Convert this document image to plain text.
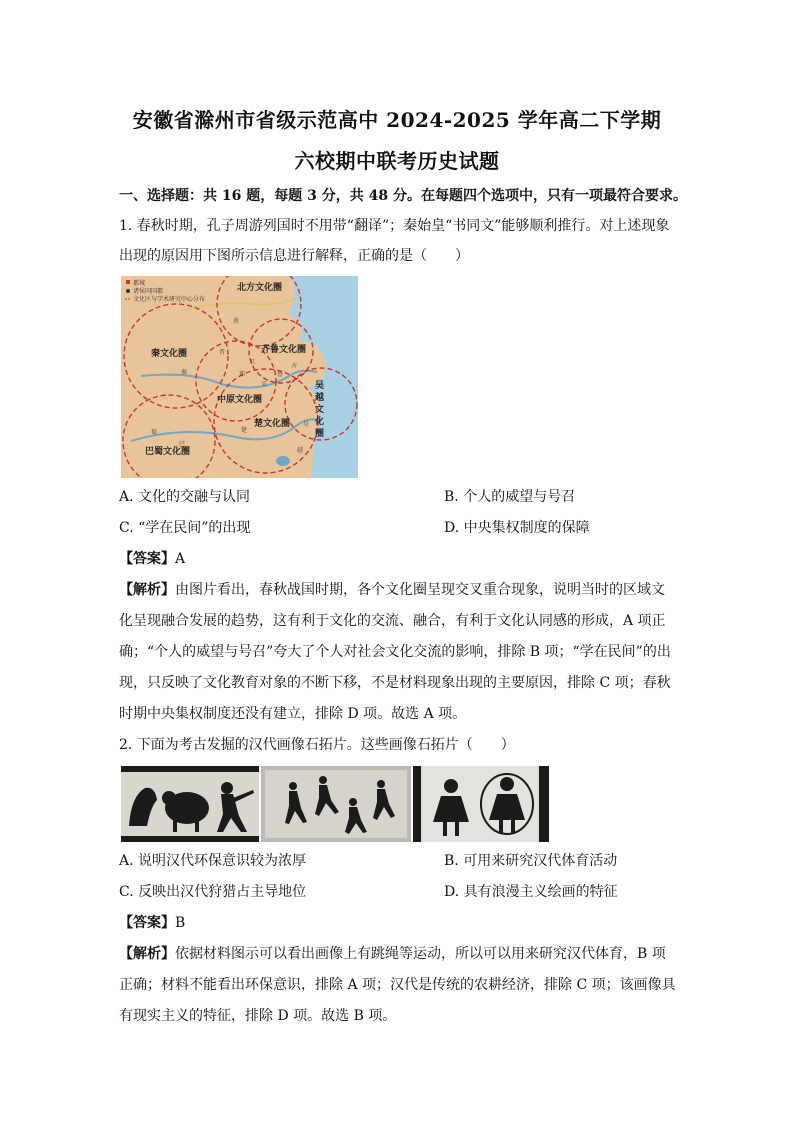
安徽省滁州市省级示范高中 2024-2025 学年高二下学期
六校期中联考历史试题
一、选择题：共 16 题，每题 3 分，共 48 分。在每题四个选项中，只有一项最符合要求。
1. 春秋时期，孔子周游列国时不用带“翻译”；秦始皇“书同文”能够顺利推行。对上述现象
出现的原因用下图所示信息进行解释，正确的是（　　）
都城
诸侯国国都
文化区与学术研究中心分布
北方文化圈
秦文化圈	齐鲁文化圈
中原文化圈
楚文化圈
巴蜀文化圈
吴
越
文
化
圈
燕
晋
齐
鲁
宋
郑
卫
秦
楚
蜀
巴
吴
越
A. 文化的交融与认同	B. 个人的威望与号召
C. “学在民间”的出现	D. 中央集权制度的保障
【答案】A
【解析】由图片看出，春秋战国时期，各个文化圈呈现交叉重合现象，说明当时的区域文
化呈现融合发展的趋势，这有利于文化的交流、融合，有利于文化认同感的形成，A 项正
确；“个人的威望与号召”夸大了个人对社会文化交流的影响，排除 B 项；“学在民间”的出
现，只反映了文化教育对象的不断下移，不是材料现象出现的主要原因，排除 C 项；春秋
时期中央集权制度还没有建立，排除 D 项。故选 A 项。
2. 下面为考古发掘的汉代画像石拓片。这些画像石拓片（　　）
A. 说明汉代环保意识较为浓厚	B. 可用来研究汉代体育活动
C. 反映出汉代狩猎占主导地位	D. 具有浪漫主义绘画的特征
【答案】B
【解析】依据材料图示可以看出画像上有跳绳等运动，所以可以用来研究汉代体育，B 项
正确；材料不能看出环保意识，排除 A 项；汉代是传统的农耕经济，排除 C 项；该画像具
有现实主义的特征，排除 D 项。故选 B 项。
